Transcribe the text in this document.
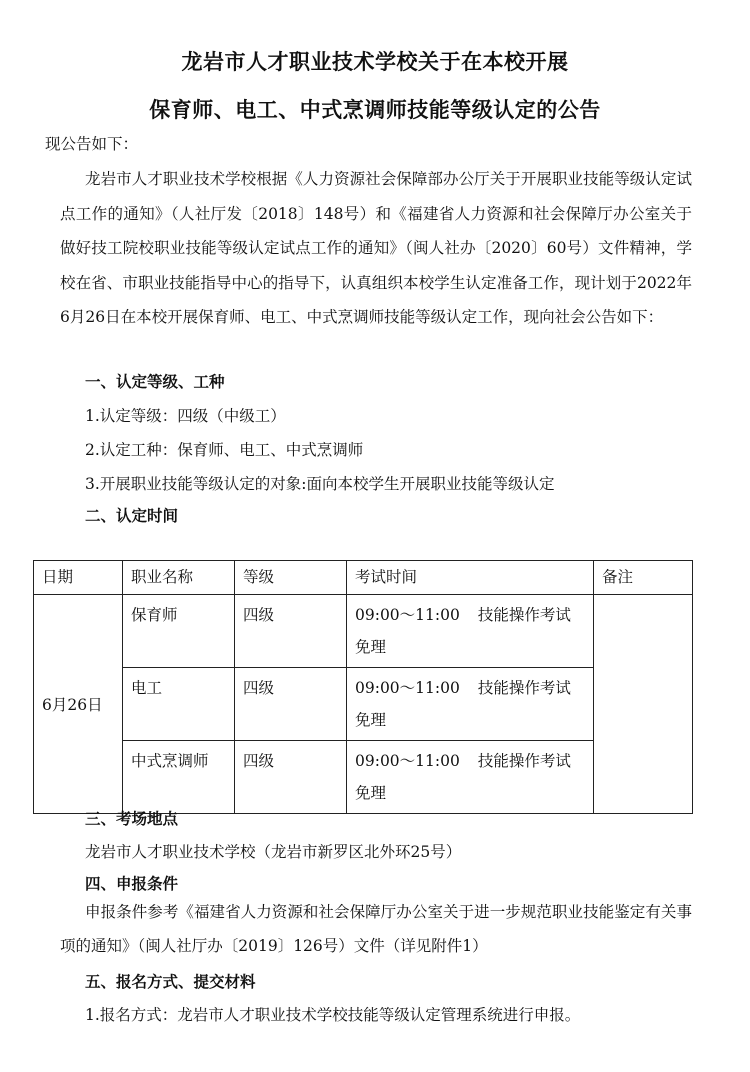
龙岩市人才职业技术学校关于在本校开展
保育师、电工、中式烹调师技能等级认定的公告
现公告如下：
龙岩市人才职业技术学校根据《人力资源社会保障部办公厅关于开展职业技能等级认定试点工作的通知》（人社厅发〔2018〕148号）和《福建省人力资源和社会保障厅办公室关于做好技工院校职业技能等级认定试点工作的通知》（闽人社办〔2020〕60号）文件精神，学校在省、市职业技能指导中心的指导下，认真组织本校学生认定准备工作，现计划于2022年6月26日在本校开展保育师、电工、中式烹调师技能等级认定工作，现向社会公告如下：
一、认定等级、工种
1.认定等级：四级（中级工）
2.认定工种：保育师、电工、中式烹调师
3.开展职业技能等级认定的对象:面向本校学生开展职业技能等级认定
二、认定时间
日期	职业名称	等级	考试时间	备注
6月26日	保育师	四级	09:00～11:00 技能操作考试
免理	
	电工	四级	09:00～11:00 技能操作考试
免理	
	中式烹调师	四级	09:00～11:00 技能操作考试
免理	
三、考场地点
龙岩市人才职业技术学校（龙岩市新罗区北外环25号）
四、申报条件
申报条件参考《福建省人力资源和社会保障厅办公室关于进一步规范职业技能鉴定有关事项的通知》（闽人社厅办〔2019〕126号）文件（详见附件1）
五、报名方式、提交材料
1.报名方式：龙岩市人才职业技术学校技能等级认定管理系统进行申报。
